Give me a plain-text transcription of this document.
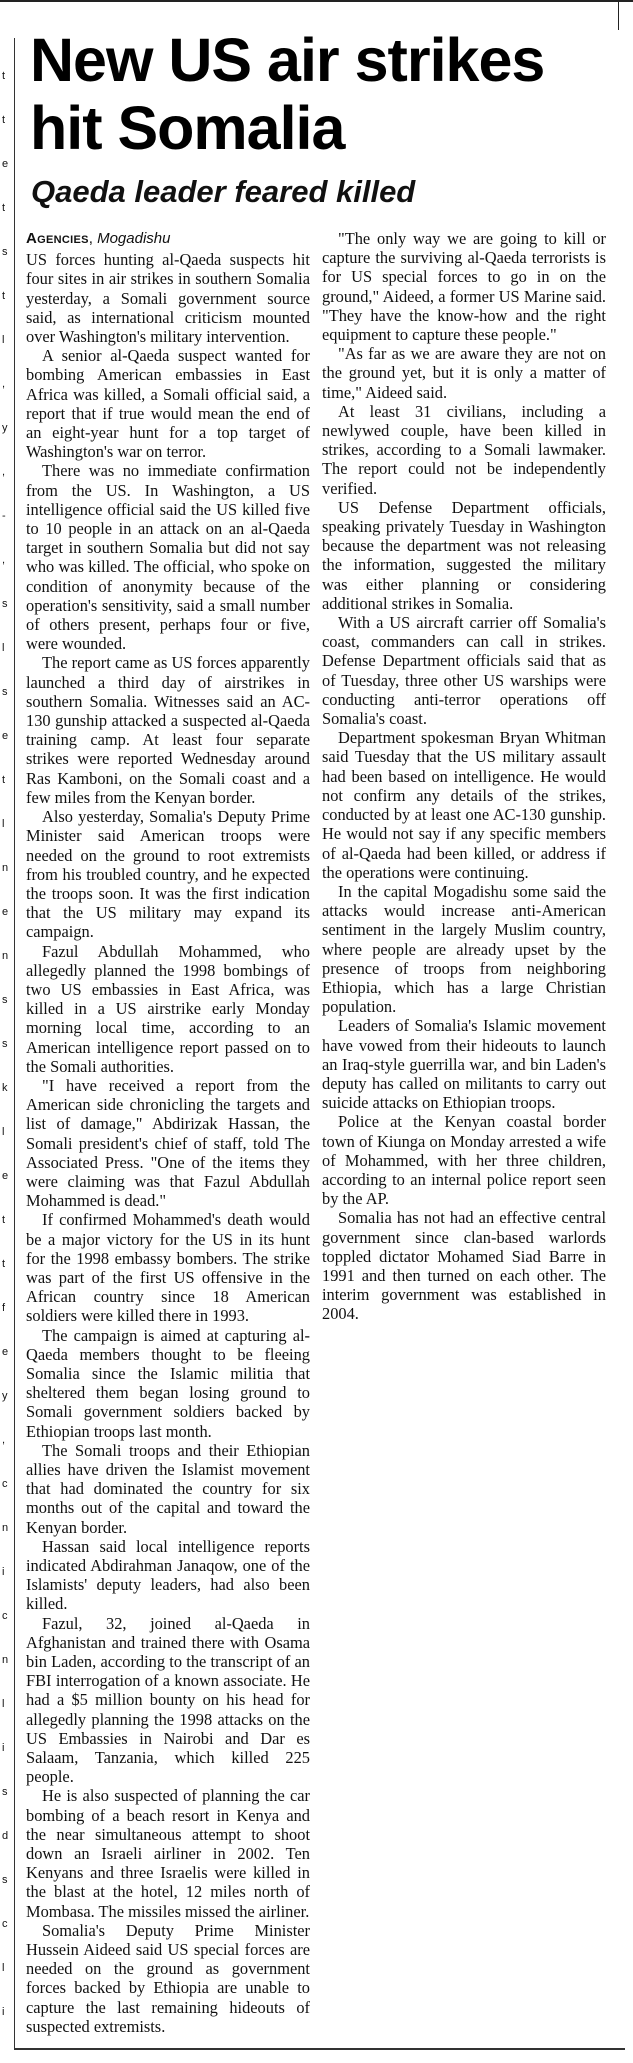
t
t
e
t
s
t
l
,
y
,
-
,
s
l
s
e
t
l
n
e
n
s
s
k
l
e
t
t
f
e
y
,
c
n
i
c
n
l
i
s
d
s
c
l
i
New US air strikes hit Somalia
Qaeda leader feared killed

Agencies, Mogadishu

US forces hunting al-Qaeda suspects hit four sites in air strikes in southern Somalia yesterday, a Somali government source said, as international criticism mounted over Washington's military intervention.

A senior al-Qaeda suspect wanted for bombing American embassies in East Africa was killed, a Somali official said, a report that if true would mean the end of an eight-year hunt for a top target of Washington's war on terror.

There was no immediate confirmation from the US. In Washington, a US intelligence official said the US killed five to 10 people in an attack on an al-Qaeda target in southern Somalia but did not say who was killed. The official, who spoke on condition of anonymity because of the operation's sensitivity, said a small number of others present, perhaps four or five, were wounded.

The report came as US forces apparently launched a third day of airstrikes in southern Somalia. Witnesses said an AC-130 gunship attacked a suspected al-Qaeda training camp. At least four separate strikes were reported Wednesday around Ras Kamboni, on the Somali coast and a few miles from the Kenyan border.

Also yesterday, Somalia's Deputy Prime Minister said American troops were needed on the ground to root extremists from his troubled country, and he expected the troops soon. It was the first indication that the US military may expand its campaign.

Fazul Abdullah Mohammed, who allegedly planned the 1998 bombings of two US embassies in East Africa, was killed in a US airstrike early Monday morning local time, according to an American intelligence report passed on to the Somali authorities.

"I have received a report from the American side chronicling the targets and list of damage," Abdirizak Hassan, the Somali president's chief of staff, told The Associated Press. "One of the items they were claiming was that Fazul Abdullah Mohammed is dead."

If confirmed Mohammed's death would be a major victory for the US in its hunt for the 1998 embassy bombers. The strike was part of the first US offensive in the African country since 18 American soldiers were killed there in 1993.

The campaign is aimed at capturing al-Qaeda members thought to be fleeing Somalia since the Islamic militia that sheltered them began losing ground to Somali government soldiers backed by Ethiopian troops last month.

The Somali troops and their Ethiopian allies have driven the Islamist movement that had dominated the country for six months out of the capital and toward the Kenyan border.

Hassan said local intelligence reports indicated Abdirahman Janaqow, one of the Islamists' deputy leaders, had also been killed.

Fazul, 32, joined al-Qaeda in Afghanistan and trained there with Osama bin Laden, according to the transcript of an FBI interrogation of a known associate. He had a $5 million bounty on his head for allegedly planning the 1998 attacks on the US Embassies in Nairobi and Dar es Salaam, Tanzania, which killed 225 people.

He is also suspected of planning the car bombing of a beach resort in Kenya and the near simultaneous attempt to shoot down an Israeli airliner in 2002. Ten Kenyans and three Israelis were killed in the blast at the hotel, 12 miles north of Mombasa. The missiles missed the airliner.

Somalia's Deputy Prime Minister Hussein Aideed said US special forces are needed on the ground as government forces backed by Ethiopia are unable to capture the last remaining hideouts of suspected extremists.

"The only way we are going to kill or capture the surviving al-Qaeda terrorists is for US special forces to go in on the ground," Aideed, a former US Marine said. "They have the know-how and the right equipment to capture these people."

"As far as we are aware they are not on the ground yet, but it is only a matter of time," Aideed said.

At least 31 civilians, including a newlywed couple, have been killed in strikes, according to a Somali lawmaker. The report could not be independently verified.

US Defense Department officials, speaking privately Tuesday in Washington because the department was not releasing the information, suggested the military was either planning or considering additional strikes in Somalia.

With a US aircraft carrier off Somalia's coast, commanders can call in strikes. Defense Department officials said that as of Tuesday, three other US warships were conducting anti-terror operations off Somalia's coast.

Department spokesman Bryan Whitman said Tuesday that the US military assault had been based on intelligence. He would not confirm any details of the strikes, conducted by at least one AC-130 gunship. He would not say if any specific members of al-Qaeda had been killed, or address if the operations were continuing.

In the capital Mogadishu some said the attacks would increase anti-American sentiment in the largely Muslim country, where people are already upset by the presence of troops from neighboring Ethiopia, which has a large Christian population.

Leaders of Somalia's Islamic movement have vowed from their hideouts to launch an Iraq-style guerrilla war, and bin Laden's deputy has called on militants to carry out suicide attacks on Ethiopian troops.

Police at the Kenyan coastal border town of Kiunga on Monday arrested a wife of Mohammed, with her three children, according to an internal police report seen by the AP.

Somalia has not had an effective central government since clan-based warlords toppled dictator Mohamed Siad Barre in 1991 and then turned on each other. The interim government was established in 2004.
